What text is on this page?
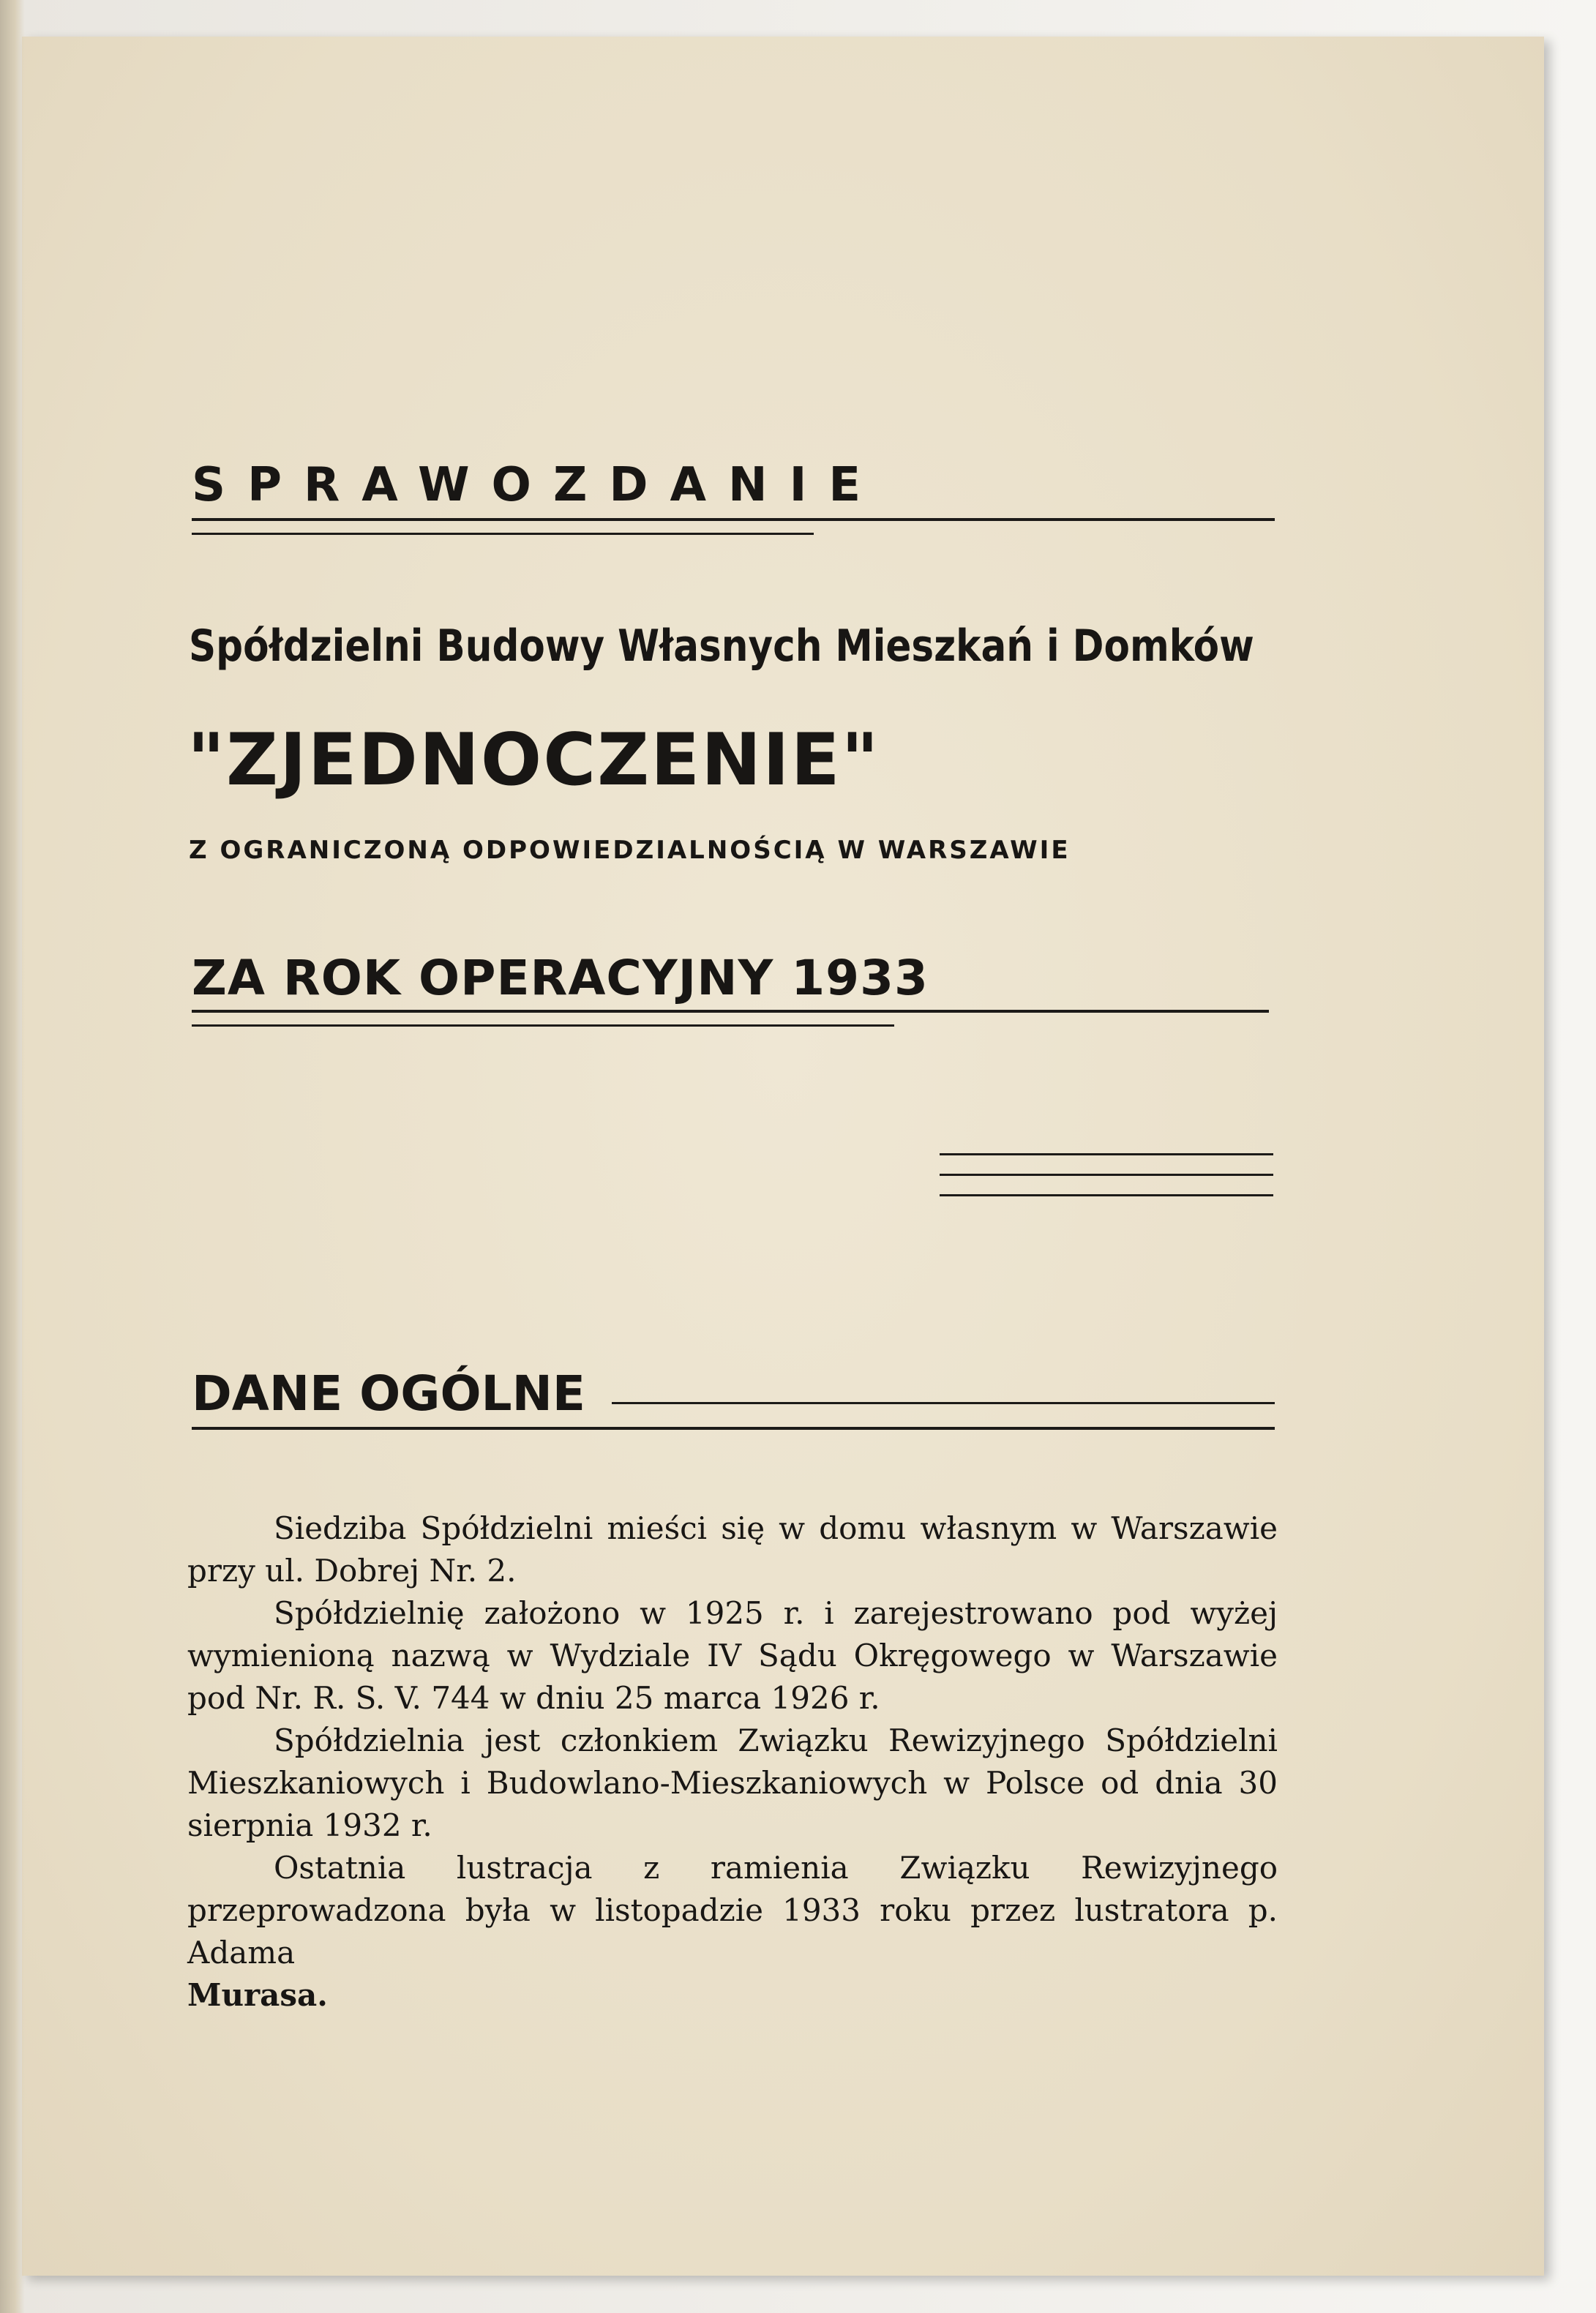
SPRAWOZDANIE
Spółdzielni Budowy Własnych Mieszkań i Domków
"ZJEDNOCZENIE"
Z OGRANICZONĄ ODPOWIEDZIALNOŚCIĄ W WARSZAWIE
ZA ROK OPERACYJNY 1933
DANE OGÓLNE

Siedziba Spółdzielni mieści się w domu własnym w Warszawie przy ul. Dobrej Nr. 2.

Spółdzielnię założono w 1925 r. i zarejestrowano pod wyżej wymienioną nazwą w Wydziale IV Sądu Okręgowego w Warszawie pod Nr. R. S. V. 744 w dniu 25 marca 1926 r.

Spółdzielnia jest członkiem Związku Rewizyjnego Spółdzielni Mieszkaniowych i Budowlano-Mieszkaniowych w Polsce od dnia 30 sierpnia 1932 r.

Ostatnia lustracja z ramienia Związku Rewizyjnego przeprowadzona była w listopadzie 1933 roku przez lustratora p. Adama

Murasa.
